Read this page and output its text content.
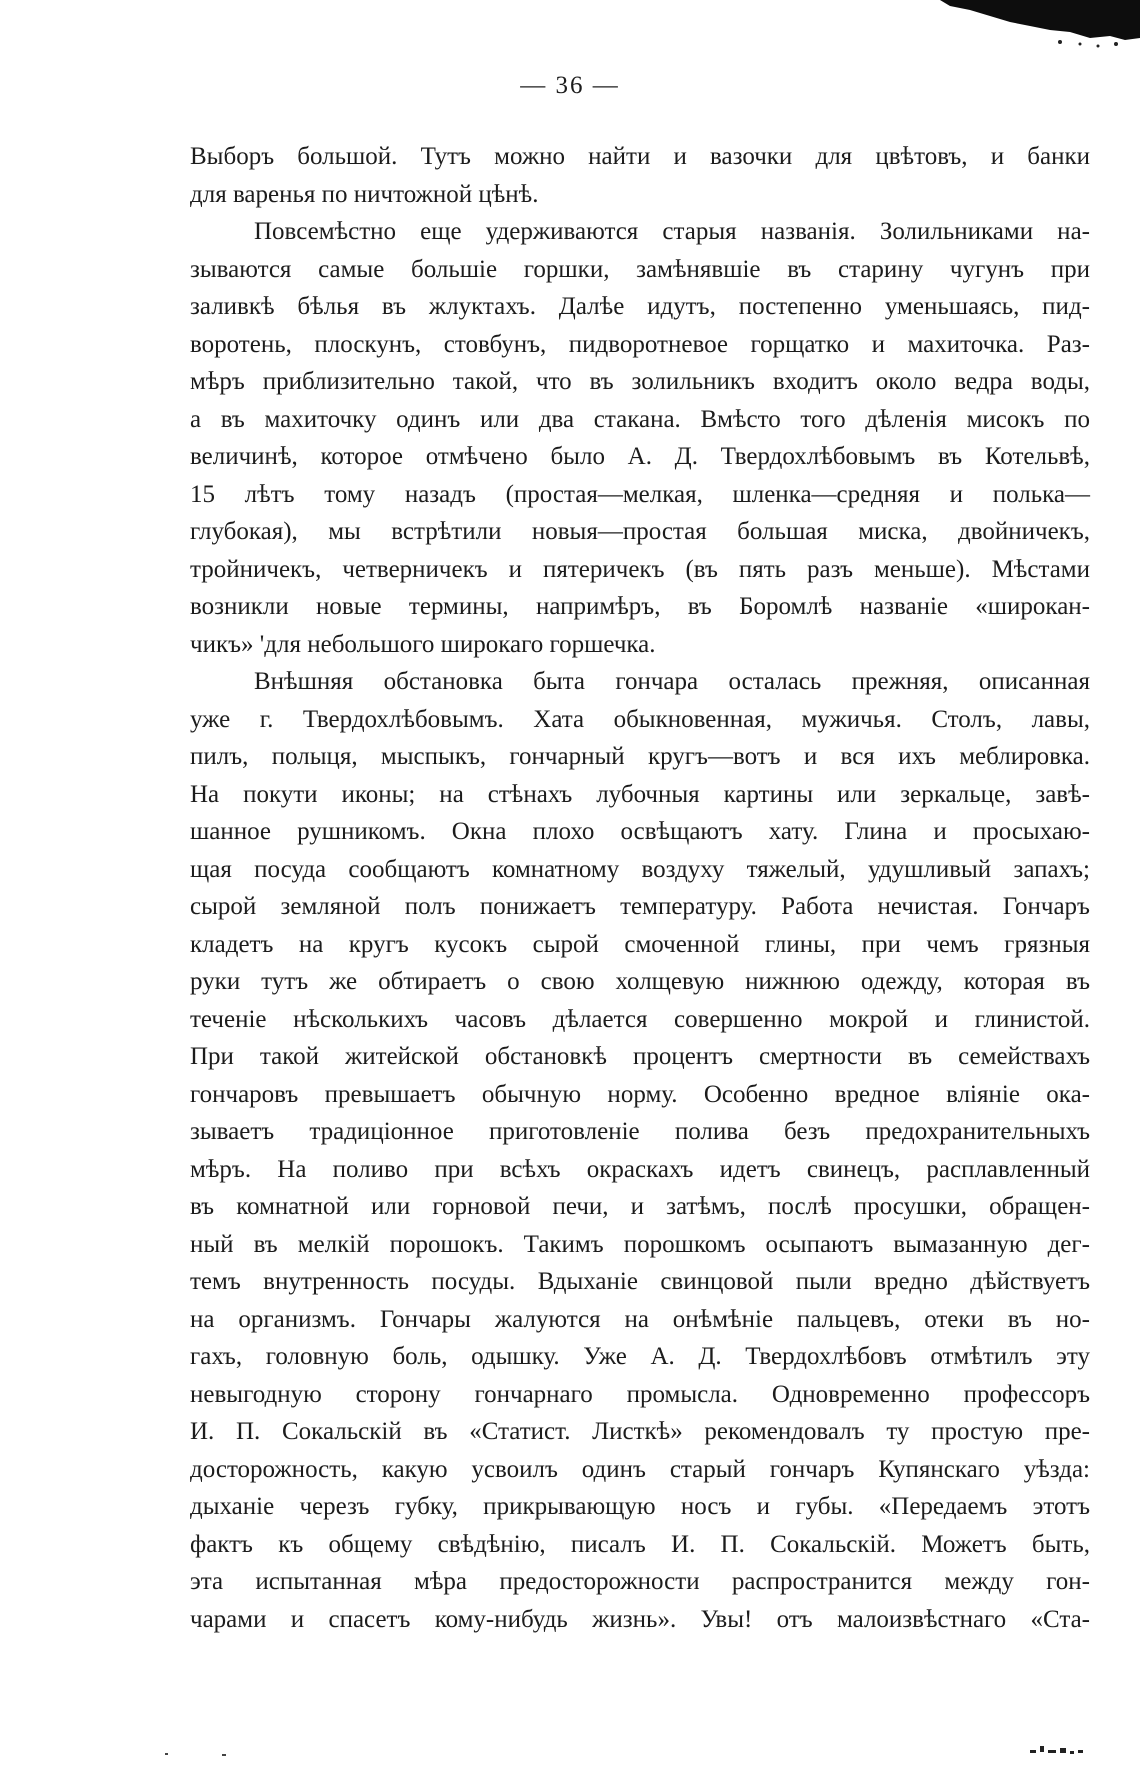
— 36 —
Выборъ большой. Тутъ можно найти и вазочки для цвѣтовъ, и банки
для варенья по ничтожной цѣнѣ.
Повсемѣстно еще удерживаются старыя названія. Золильниками на-
зываются самые большіе горшки, замѣнявшіе въ старину чугунъ при
заливкѣ бѣлья въ жлуктахъ. Далѣе идутъ, постепенно уменьшаясь, пид-
воротень, плоскунъ, стовбунъ, пидворотневое горщатко и махиточка. Раз-
мѣръ приблизительно такой, что въ золильникъ входитъ около ведра воды,
а въ махиточку одинъ или два стакана. Вмѣсто того дѣленія мисокъ по
величинѣ, которое отмѣчено было А. Д. Твердохлѣбовымъ въ Котельвѣ,
15 лѣтъ тому назадъ (простая—мелкая, шленка—средняя и полька—
глубокая), мы встрѣтили новыя—простая большая миска, двойничекъ,
тройничекъ, четверничекъ и пятеричекъ (въ пять разъ меньше). Мѣстами
возникли новые термины, напримѣръ, въ Боромлѣ названіе «широкан-
чикъ» 'для небольшого широкаго горшечка.
Внѣшняя обстановка быта гончара осталась прежняя, описанная
уже г. Твердохлѣбовымъ. Хата обыкновенная, мужичья. Столъ, лавы,
пилъ, полыця, мыспыкъ, гончарный кругъ—вотъ и вся ихъ меблировка.
На покути иконы; на стѣнахъ лубочныя картины или зеркальце, завѣ-
шанное рушникомъ. Окна плохо освѣщаютъ хату. Глина и просыхаю-
щая посуда сообщаютъ комнатному воздуху тяжелый, удушливый запахъ;
сырой земляной полъ понижаетъ температуру. Работа нечистая. Гончаръ
кладетъ на кругъ кусокъ сырой смоченной глины, при чемъ грязныя
руки тутъ же обтираетъ о свою холщевую нижнюю одежду, которая въ
теченіе нѣсколькихъ часовъ дѣлается совершенно мокрой и глинистой.
При такой житейской обстановкѣ процентъ смертности въ семействахъ
гончаровъ превышаетъ обычную норму. Особенно вредное вліяніе ока-
зываетъ традиціонное приготовленіе полива безъ предохранительныхъ
мѣръ. На поливо при всѣхъ окраскахъ идетъ свинецъ, расплавленный
въ комнатной или горновой печи, и затѣмъ, послѣ просушки, обращен-
ный въ мелкій порошокъ. Такимъ порошкомъ осыпаютъ вымазанную дег-
темъ внутренность посуды. Вдыханіе свинцовой пыли вредно дѣйствуетъ
на организмъ. Гончары жалуются на онѣмѣніе пальцевъ, отеки въ но-
гахъ, головную боль, одышку. Уже А. Д. Твердохлѣбовъ отмѣтилъ эту
невыгодную сторону гончарнаго промысла. Одновременно профессоръ
И. П. Сокальскій въ «Статист. Листкѣ» рекомендовалъ ту простую пре-
досторожность, какую усвоилъ одинъ старый гончаръ Купянскаго уѣзда:
дыханіе черезъ губку, прикрывающую носъ и губы. «Передаемъ этотъ
фактъ къ общему свѣдѣнію, писалъ И. П. Сокальскій. Можетъ быть,
эта испытанная мѣра предосторожности распространится между гон-
чарами и спасетъ кому-нибудь жизнь». Увы! отъ малоизвѣстнаго «Ста-
